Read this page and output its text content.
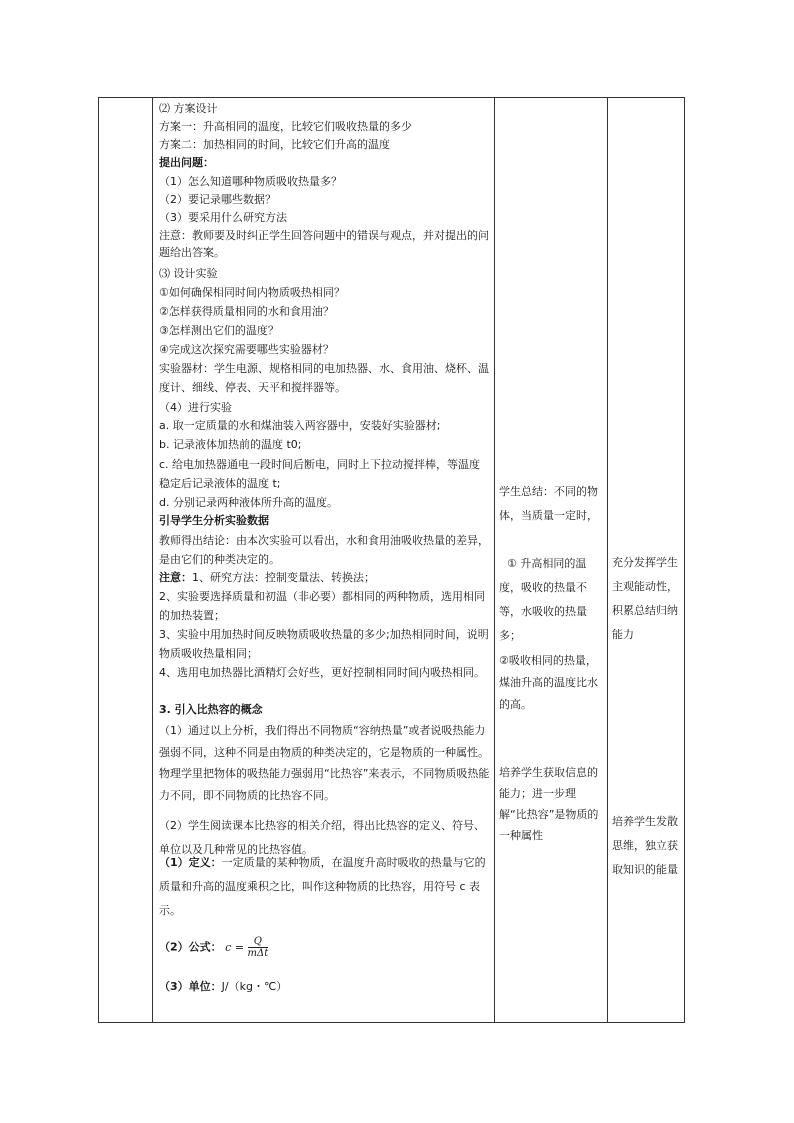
⑵ 方案设计

方案一：升高相同的温度，比较它们吸收热量的多少

方案二：加热相同的时间，比较它们升高的温度

提出问题：

（1）怎么知道哪种物质吸收热量多？

（2）要记录哪些数据？

（3）要采用什么研究方法

注意：教师要及时纠正学生回答问题中的错误与观点，并对提出的问题给出答案。

⑶ 设计实验

①如何确保相同时间内物质吸热相同？

②怎样获得质量相同的水和食用油？

③怎样测出它们的温度？

④完成这次探究需要哪些实验器材？

实验器材：学生电源、规格相同的电加热器、水、食用油、烧杯、温度计、细线、停表、天平和搅拌器等。

（4）进行实验

a. 取一定质量的水和煤油装入两容器中，安装好实验器材;

b. 记录液体加热前的温度 t0;

c. 给电加热器通电一段时间后断电，同时上下拉动搅拌棒，等温度稳定后记录液体的温度 t;

d. 分别记录两种液体所升高的温度。

引导学生分析实验数据

教师得出结论：由本次实验可以看出，水和食用油吸收热量的差异，是由它们的种类决定的。

注意：1、研究方法：控制变量法、转换法；

2、实验要选择质量和初温（非必要）都相同的两种物质，选用相同的加热装置；

3、实验中用加热时间反映物质吸收热量的多少;加热相同时间，说明物质吸收热量相同；

4、选用电加热器比酒精灯会好些，更好控制相同时间内吸热相同。

3. 引入比热容的概念

（1）通过以上分析，我们得出不同物质“容纳热量”或者说吸热能力强弱不同，这种不同是由物质的种类决定的，它是物质的一种属性。物理学里把物体的吸热能力强弱用“比热容”来表示，不同物质吸热能力不同，即不同物质的比热容不同。

（2）学生阅读课本比热容的相关介绍，得出比热容的定义、符号、单位以及几种常见的比热容值。

（1）定义：一定质量的某种物质，在温度升高时吸收的热量与它的质量和升高的温度乘积之比，叫作这种物质的比热容，用符号 c 表示。

（2）公式： $c = \frac{Q}{\text{mΔt}}$

（3）单位：J/（kg・℃）

学生总结：不同的物体，当质量一定时，

① 升高相同的温度，吸收的热量不等，水吸收的热量多；

②吸收相同的热量，煤油升高的温度比水的高。

培养学生获取信息的能力；进一步理解“比热容”是物质的一种属性

充分发挥学生主观能动性，积累总结归纳能力

培养学生发散思维，独立获取知识的能量
